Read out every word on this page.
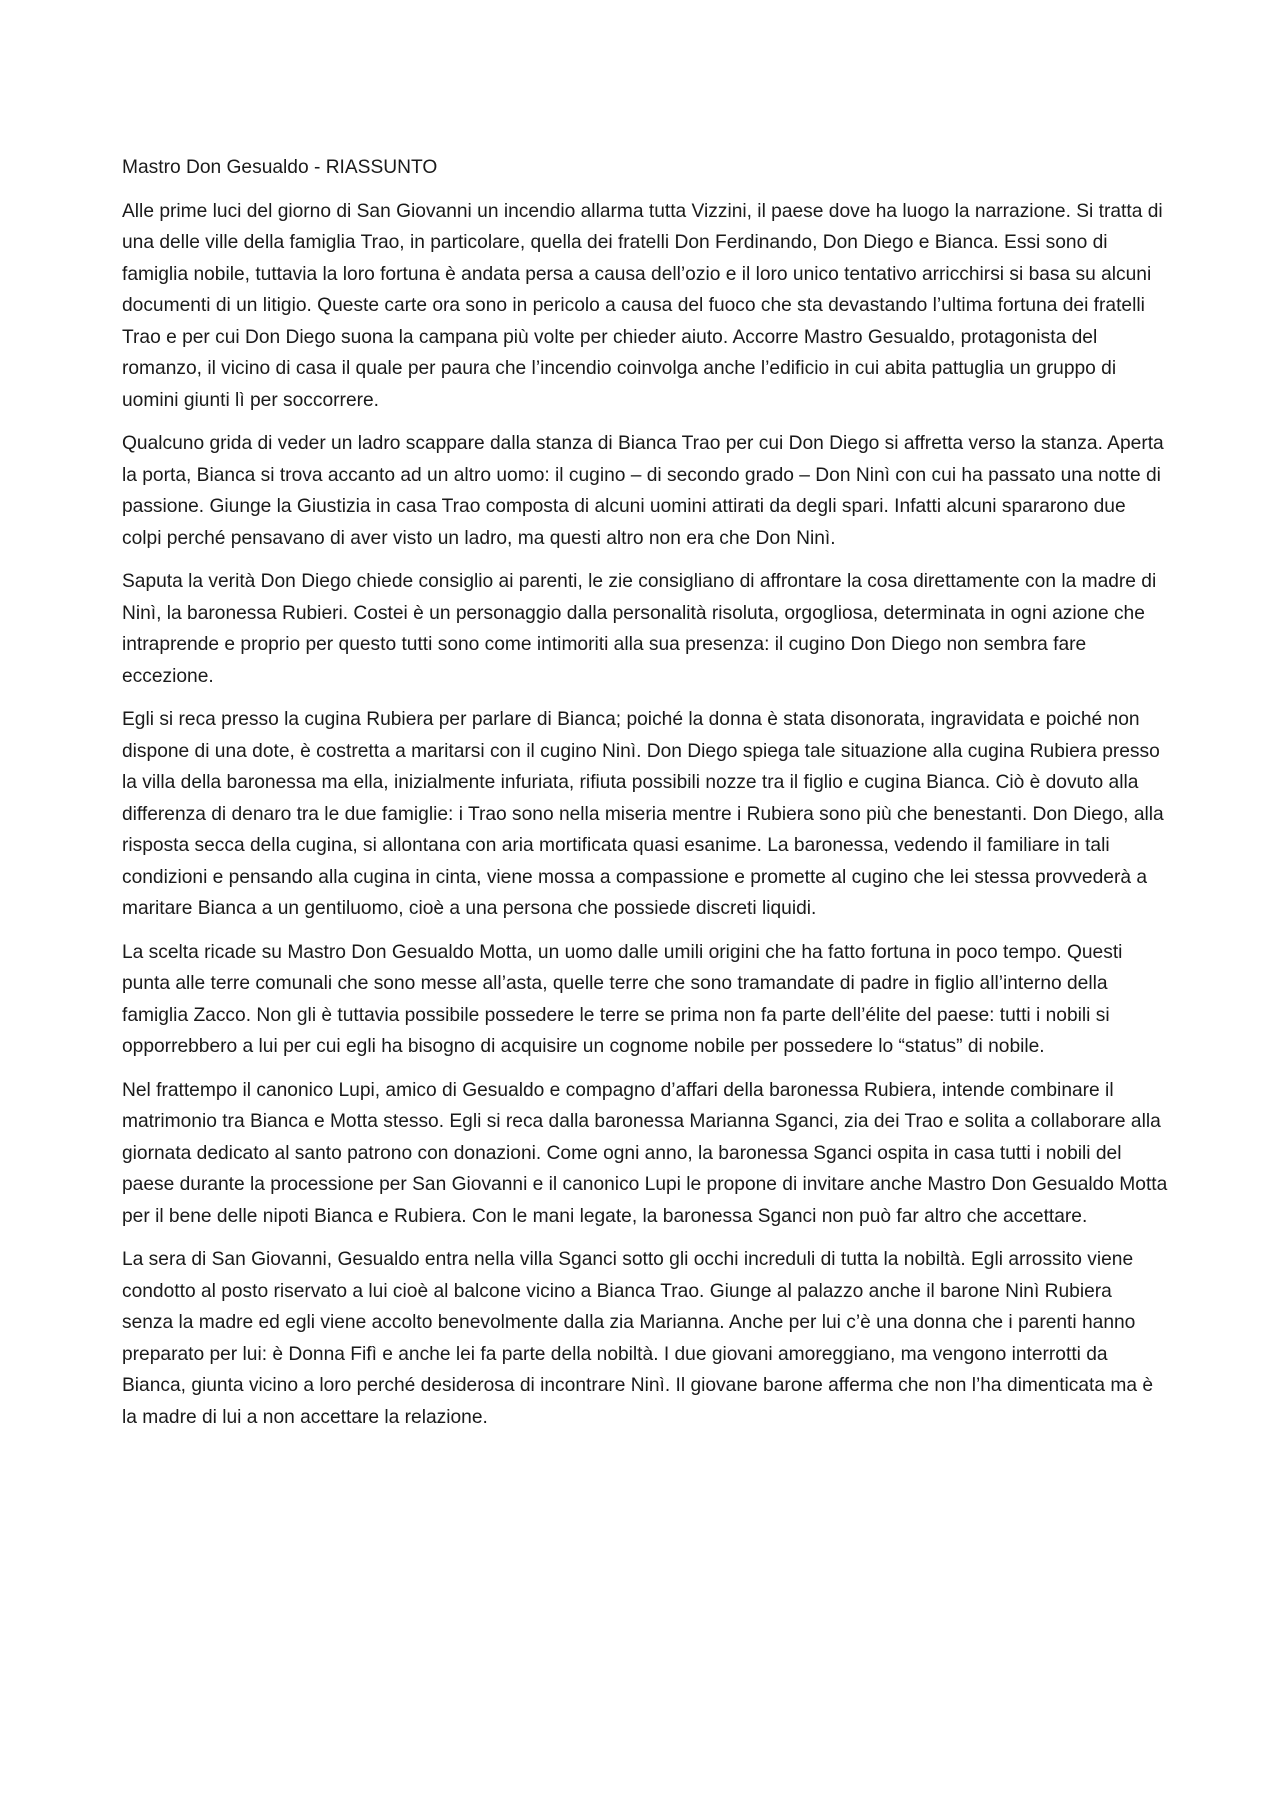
Mastro Don Gesualdo - RIASSUNTO

Alle prime luci del giorno di San Giovanni un incendio allarma tutta Vizzini, il paese dove ha luogo la narrazione. Si tratta di una delle ville della famiglia Trao, in particolare, quella dei fratelli Don Ferdinando, Don Diego e Bianca. Essi sono di famiglia nobile, tuttavia la loro fortuna è andata persa a causa dell’ozio e il loro unico tentativo arricchirsi si basa su alcuni documenti di un litigio. Queste carte ora sono in pericolo a causa del fuoco che sta devastando l’ultima fortuna dei fratelli Trao e per cui Don Diego suona la campana più volte per chieder aiuto. Accorre Mastro Gesualdo, protagonista del romanzo, il vicino di casa il quale per paura che l’incendio coinvolga anche l’edificio in cui abita pattuglia un gruppo di uomini giunti lì per soccorrere.

Qualcuno grida di veder un ladro scappare dalla stanza di Bianca Trao per cui Don Diego si affretta verso la stanza. Aperta la porta, Bianca si trova accanto ad un altro uomo: il cugino – di secondo grado – Don Ninì con cui ha passato una notte di passione. Giunge la Giustizia in casa Trao composta di alcuni uomini attirati da degli spari. Infatti alcuni spararono due colpi perché pensavano di aver visto un ladro, ma questi altro non era che Don Ninì.

Saputa la verità Don Diego chiede consiglio ai parenti, le zie consigliano di affrontare la cosa direttamente con la madre di Ninì, la baronessa Rubieri. Costei è un personaggio dalla personalità risoluta, orgogliosa, determinata in ogni azione che intraprende e proprio per questo tutti sono come intimoriti alla sua presenza: il cugino Don Diego non sembra fare eccezione.

Egli si reca presso la cugina Rubiera per parlare di Bianca; poiché la donna è stata disonorata, ingravidata e poiché non dispone di una dote, è costretta a maritarsi con il cugino Ninì. Don Diego spiega tale situazione alla cugina Rubiera presso la villa della baronessa ma ella, inizialmente infuriata, rifiuta possibili nozze tra il figlio e cugina Bianca. Ciò è dovuto alla differenza di denaro tra le due famiglie: i Trao sono nella miseria mentre i Rubiera sono più che benestanti. Don Diego, alla risposta secca della cugina, si allontana con aria mortificata quasi esanime. La baronessa, vedendo il familiare in tali condizioni e pensando alla cugina in cinta, viene mossa a compassione e promette al cugino che lei stessa provvederà a maritare Bianca a un gentiluomo, cioè a una persona che possiede discreti liquidi.

La scelta ricade su Mastro Don Gesualdo Motta, un uomo dalle umili origini che ha fatto fortuna in poco tempo. Questi punta alle terre comunali che sono messe all’asta, quelle terre che sono tramandate di padre in figlio all’interno della famiglia Zacco. Non gli è tuttavia possibile possedere le terre se prima non fa parte dell’élite del paese: tutti i nobili si opporrebbero a lui per cui egli ha bisogno di acquisire un cognome nobile per possedere lo “status” di nobile.

Nel frattempo il canonico Lupi, amico di Gesualdo e compagno d’affari della baronessa Rubiera, intende combinare il matrimonio tra Bianca e Motta stesso. Egli si reca dalla baronessa Marianna Sganci, zia dei Trao e solita a collaborare alla giornata dedicato al santo patrono con donazioni. Come ogni anno, la baronessa Sganci ospita in casa tutti i nobili del paese durante la processione per San Giovanni e il canonico Lupi le propone di invitare anche Mastro Don Gesualdo Motta per il bene delle nipoti Bianca e Rubiera. Con le mani legate, la baronessa Sganci non può far altro che accettare.

La sera di San Giovanni, Gesualdo entra nella villa Sganci sotto gli occhi increduli di tutta la nobiltà. Egli arrossito viene condotto al posto riservato a lui cioè al balcone vicino a Bianca Trao. Giunge al palazzo anche il barone Ninì Rubiera senza la madre ed egli viene accolto benevolmente dalla zia Marianna. Anche per lui c’è una donna che i parenti hanno preparato per lui: è Donna Fifì e anche lei fa parte della nobiltà. I due giovani amoreggiano, ma vengono interrotti da Bianca, giunta vicino a loro perché desiderosa di incontrare Ninì. Il giovane barone afferma che non l’ha dimenticata ma è la madre di lui a non accettare la relazione.
